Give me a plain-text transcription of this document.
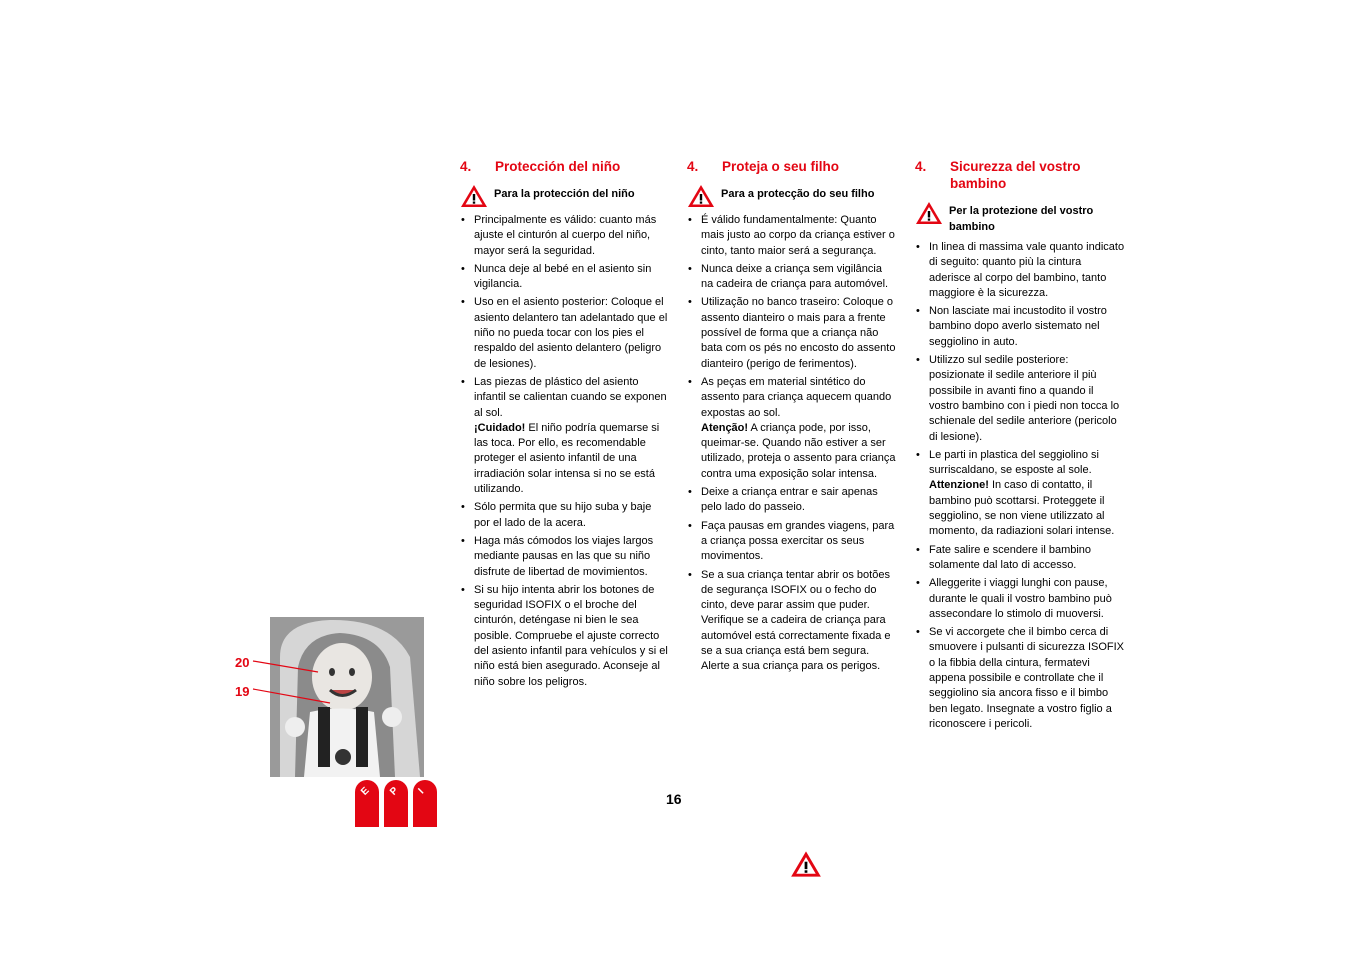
20
19
4.	Protección del niño
Para la protección del niño
• Principalmente es válido: cuanto más ajuste el cinturón al cuerpo del niño, mayor será la seguridad.
• Nunca deje al bebé en el asiento sin vigilancia.
• Uso en el asiento posterior: Coloque el asiento delantero tan adelantado que el niño no pueda tocar con los pies el respaldo del asiento delantero (peligro de lesiones).
• Las piezas de plástico del asiento infantil se calientan cuando se exponen al sol.
¡Cuidado! El niño podría quemarse si las toca. Por ello, es recomendable proteger el asiento infantil de una irradiación solar intensa si no se está utilizando.
• Sólo permita que su hijo suba y baje por el lado de la acera.
• Haga más cómodos los viajes largos mediante pausas en las que su niño disfrute de libertad de movimientos.
• Si su hijo intenta abrir los botones de seguridad ISOFIX o el broche del cinturón, deténgase ni bien le sea posible. Compruebe el ajuste correcto del asiento infantil para vehículos y si el niño está bien asegurado. Aconseje al niño sobre los peligros.
4.	Proteja o seu filho
Para a protecção do seu filho
• É válido fundamentalmente: Quanto mais justo ao corpo da criança estiver o cinto, tanto maior será a segurança.
• Nunca deixe a criança sem vigilância na cadeira de criança para automóvel.
• Utilização no banco traseiro: Coloque o assento dianteiro o mais para a frente possível de forma que a criança não bata com os pés no encosto do assento dianteiro (perigo de ferimentos).
• As peças em material sintético do assento para criança aquecem quando expostas ao sol.
Atenção! A criança pode, por isso, queimar-se. Quando não estiver a ser utilizado, proteja o assento para criança contra uma exposição solar intensa.
• Deixe a criança entrar e sair apenas pelo lado do passeio.
• Faça pausas em grandes viagens, para a criança possa exercitar os seus movimentos.
• Se a sua criança tentar abrir os botões de segurança ISOFIX ou o fecho do cinto, deve parar assim que puder. Verifique se a cadeira de criança para automóvel está correctamente fixada e se a sua criança está bem segura. Alerte a sua criança para os perigos.
4.	Sicurezza del vostro bambino
Per la protezione del vostro bambino
• In linea di massima vale quanto indicato di seguito: quanto più la cintura aderisce al corpo del bambino, tanto maggiore è la sicurezza.
• Non lasciate mai incustodito il vostro bambino dopo averlo sistemato nel seggiolino in auto.
• Utilizzo sul sedile posteriore: posizionate il sedile anteriore il più possibile in avanti fino a quando il vostro bambino con i piedi non tocca lo schienale del sedile anteriore (pericolo di lesione).
• Le parti in plastica del seggiolino si surriscaldano, se esposte al sole.
Attenzione! In caso di contatto, il bambino può scottarsi. Proteggete il seggiolino, se non viene utilizzato al momento, da radiazioni solari intense.
• Fate salire e scendere il bambino solamente dal lato di accesso.
• Alleggerite i viaggi lunghi con pause, durante le quali il vostro bambino può assecondare lo stimolo di muoversi.
• Se vi accorgete che il bimbo cerca di smuovere i pulsanti di sicurezza ISOFIX o la fibbia della cintura, fermatevi appena possibile e controllate che il seggiolino sia ancora fisso e il bimbo ben legato. Insegnate a vostro figlio a riconoscere i pericoli.
E P I	16
